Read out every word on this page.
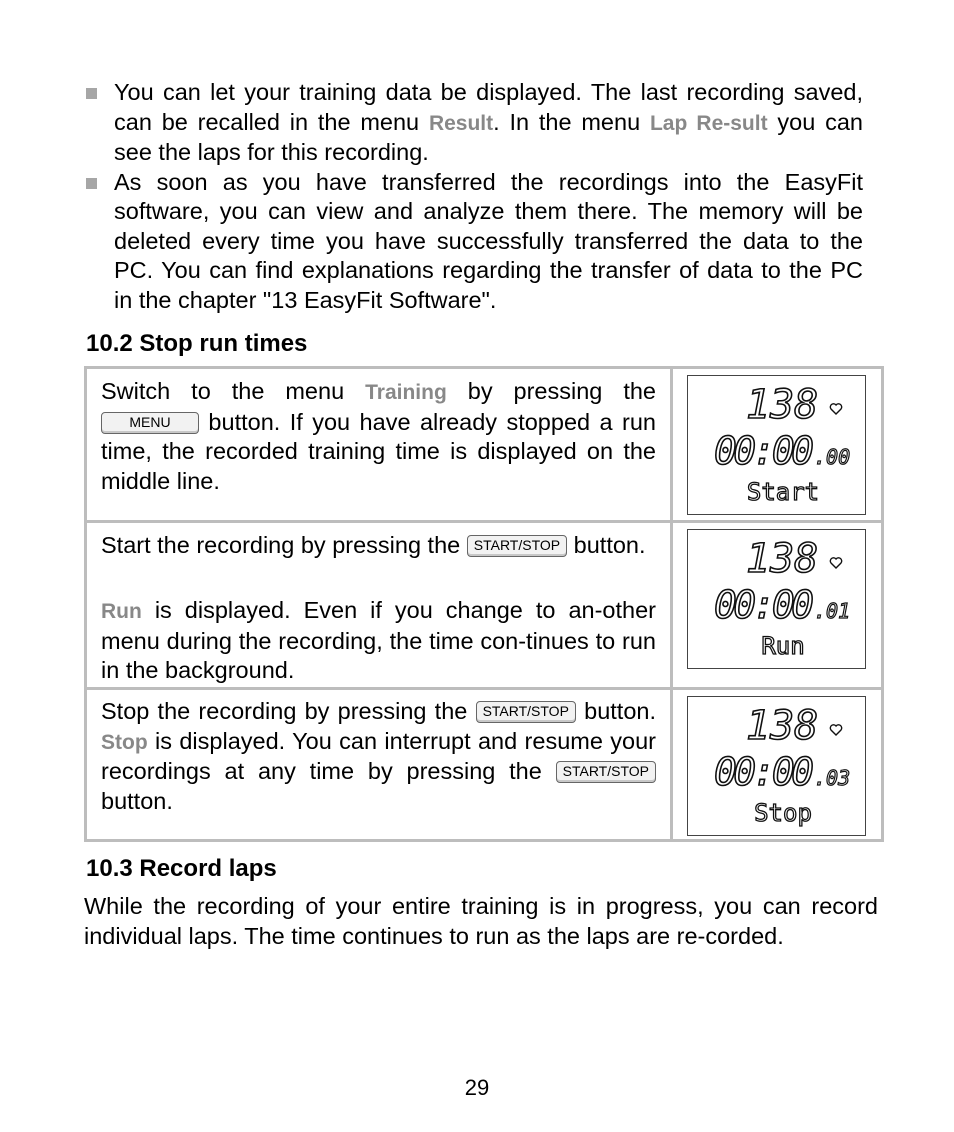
You can let your training data be displayed. The last recording saved, can be recalled in the menu Result. In the menu Lap Re-sult you can see the laps for this recording.
As soon as you have transferred the recordings into the EasyFit software, you can view and analyze them there. The memory will be deleted every time you have successfully transferred the data to the PC. You can find explanations regarding the transfer of data to the PC in the chapter "13 EasyFit Software".
10.2 Stop run times
Switch to the menu Training by pressing the MENU button. If you have already stopped a run time, the recorded training time is displayed on the middle line.
138
00:00 .00
Start
Start the recording by pressing the START/STOP button.
Run is displayed. Even if you change to an-other menu during the recording, the time con-tinues to run in the background.
138
00:00 .01
Run
Stop the recording by pressing the START/STOP button. Stop is displayed. You can interrupt and resume your recordings at any time by pressing the START/STOP button.
138
00:00 .03
Stop
10.3 Record laps
While the recording of your entire training is in progress, you can record individual laps. The time continues to run as the laps are re-corded.
29
